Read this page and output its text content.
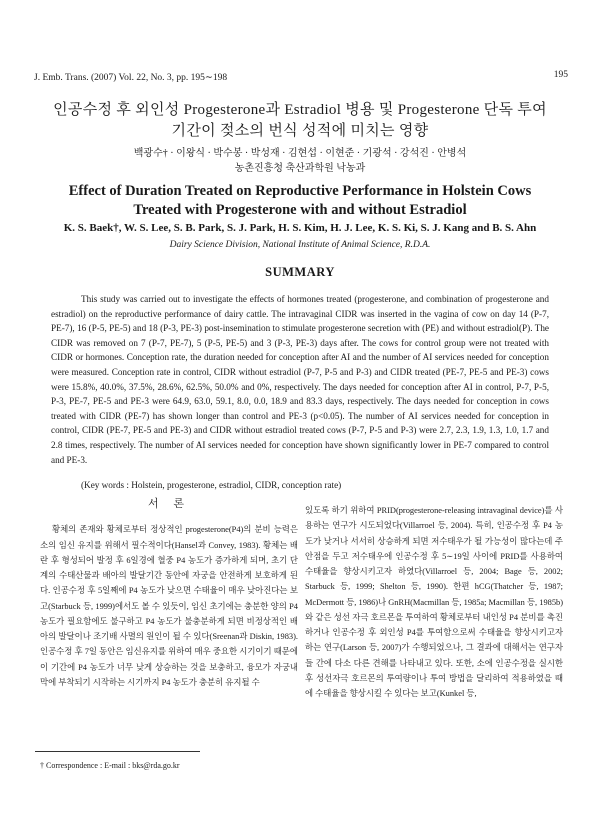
J. Emb. Trans. (2007) Vol. 22, No. 3, pp. 195∼198	195
인공수정 후 외인성 Progesterone과 Estradiol 병용 및 Progesterone 단독 투여
기간이 젖소의 번식 성적에 미치는 영향
백광수† · 이왕식 · 박수봉 · 박성재 · 김현섭 · 이현준 · 기광석 · 강석진 · 안병석
농촌진흥청 축산과학원 낙농과
Effect of Duration Treated on Reproductive Performance in Holstein Cows
Treated with Progesterone with and without Estradiol
K. S. Baek†, W. S. Lee, S. B. Park, S. J. Park, H. S. Kim, H. J. Lee, K. S. Ki, S. J. Kang and B. S. Ahn
Dairy Science Division, National Institute of Animal Science, R.D.A.
SUMMARY
This study was carried out to investigate the effects of hormones treated (progesterone, and combination of progesterone and estradiol) on the reproductive performance of dairy cattle. The intravaginal CIDR was inserted in the vagina of cow on day 14 (P-7, PE-7), 16 (P-5, PE-5) and 18 (P-3, PE-3) post-insemination to stimulate progesterone secretion with (PE) and without estradiol(P). The CIDR was removed on 7 (P-7, PE-7), 5 (P-5, PE-5) and 3 (P-3, PE-3) days after. The cows for control group were not treated with CIDR or hormones. Conception rate, the duration needed for conception after AI and the number of AI services needed for conception were measured. Conception rate in control, CIDR without estradiol (P-7, P-5 and P-3) and CIDR treated (PE-7, PE-5 and PE-3) cows were 15.8%, 40.0%, 37.5%, 28.6%, 62.5%, 50.0% and 0%, respectively. The days needed for conception after AI in control, P-7, P-5, P-3, PE-7, PE-5 and PE-3 were 64.9, 63.0, 59.1, 8.0, 0.0, 18.9 and 83.3 days, respectively. The days needed for conception in cows treated with CIDR (PE-7) has shown longer than control and PE-3 (p<0.05). The number of AI services needed for conception in control, CIDR (PE-7, PE-5 and PE-3) and CIDR without estradiol treated cows (P-7, P-5 and P-3) were 2.7, 2.3, 1.9, 1.3, 1.0, 1.7 and 2.8 times, respectively. The number of AI services needed for conception have shown significantly lower in PE-7 compared to control and PE-3.
(Key words : Holstein, progesterone, estradiol, CIDR, conception rate)
서 론

황체의 존재와 황체로부터 정상적인 progesterone(P4)의 분비 능력은 소의 임신 유지를 위해서 필수적이다(Hansel과 Convey, 1983). 황체는 배란 후 형성되어 발정 후 6일경에 혈중 P4 농도가 증가하게 되며, 초기 단계의 수태산물과 배아의 발달기간 동안에 자궁을 안전하게 보호하게 된다. 인공수정 후 5일째에 P4 농도가 낮으면 수태율이 매우 낮아진다는 보고(Starbuck 등, 1999)에서도 볼 수 있듯이, 임신 초기에는 충분한 양의 P4 농도가 필요함에도 불구하고 P4 농도가 불충분하게 되면 비정상적인 배아의 발달이나 조기배 사멸의 원인이 될 수 있다(Sreenan과 Diskin, 1983). 인공수정 후 7일 동안은 임신유지를 위하여 매우 중요한 시기이기 때문에 이 기간에 P4 농도가 너무 낮게 상승하는 것을 보충하고, 융모가 자궁내막에 부착되기 시작하는 시기까지 P4 농도가 충분히 유지될 수

있도록 하기 위하여 PRID(progesterone-releasing intravaginal device)를 사용하는 연구가 시도되었다(Villarroel 등, 2004). 특히, 인공수정 후 P4 농도가 낮거나 서서히 상승하게 되면 저수태우가 될 가능성이 많다는데 주안점을 두고 저수태우에 인공수정 후 5∼19일 사이에 PRID를 사용하여 수태율을 향상시키고자 하였다(Villarroel 등, 2004; Bage 등, 2002; Starbuck 등, 1999; Shelton 등, 1990). 한편 hCG(Thatcher 등, 1987; McDermott 등, 1986)나 GnRH(Macmillan 등, 1985a; Macmillan 등, 1985b)와 같은 성선 자극 호르몬을 투여하여 황체로부터 내인성 P4 분비를 촉진하거나 인공수정 후 외인성 P4를 투여함으로써 수태율을 향상시키고자 하는 연구(Larson 등, 2007)가 수행되었으나, 그 결과에 대해서는 연구자들 간에 다소 다른 견해를 나타내고 있다. 또한, 소에 인공수정을 실시한 후 성선자극 호르몬의 투여량이나 투여 방법을 달리하여 적용하였을 때에 수태율을 향상시킬 수 있다는 보고(Kunkel 등,

† Correspondence : E-mail : bks@rda.go.kr
